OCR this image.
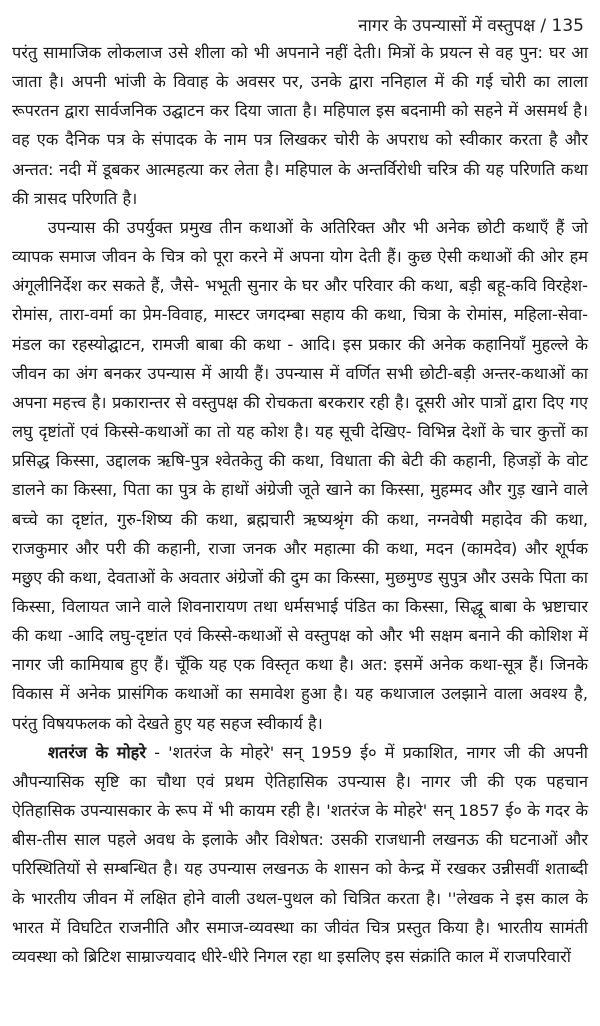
नागर के उपन्यासों में वस्तुपक्ष / 135

परंतु सामाजिक लोकलाज उसे शीला को भी अपनाने नहीं देती। मित्रों के प्रयत्न से वह पुन: घर आ जाता है। अपनी भांजी के विवाह के अवसर पर, उनके द्वारा ननिहाल में की गई चोरी का लाला रूपरतन द्वारा सार्वजनिक उद्घाटन कर दिया जाता है। महिपाल इस बदनामी को सहने में असमर्थ है। वह एक दैनिक पत्र के संपादक के नाम पत्र लिखकर चोरी के अपराध को स्वीकार करता है और अन्तत: नदी में डूबकर आत्महत्या कर लेता है। महिपाल के अन्तर्विरोधी चरित्र की यह परिणति कथा की त्रासद परिणति है।

उपन्यास की उपर्युक्त प्रमुख तीन कथाओं के अतिरिक्त और भी अनेक छोटी कथाएँ हैं जो व्यापक समाज जीवन के चित्र को पूरा करने में अपना योग देती हैं। कुछ ऐसी कथाओं की ओर हम अंगूलीनिर्देश कर सकते हैं, जैसे- भभूती सुनार के घर और परिवार की कथा, बड़ी बहू-कवि विरहेश-रोमांस, तारा-वर्मा का प्रेम-विवाह, मास्टर जगदम्बा सहाय की कथा, चित्रा के रोमांस, महिला-सेवा-मंडल का रहस्योद्घाटन, रामजी बाबा की कथा - आदि। इस प्रकार की अनेक कहानियाँ मुहल्ले के जीवन का अंग बनकर उपन्यास में आयी हैं। उपन्यास में वर्णित सभी छोटी-बड़ी अन्तर-कथाओं का अपना महत्त्व है। प्रकारान्तर से वस्तुपक्ष की रोचकता बरकरार रही है। दूसरी ओर पात्रों द्वारा दिए गए लघु दृष्टांतों एवं किस्से-कथाओं का तो यह कोश है। यह सूची देखिए- विभिन्न देशों के चार कुत्तों का प्रसिद्ध किस्सा, उद्दालक ऋषि-पुत्र श्वेतकेतु की कथा, विधाता की बेटी की कहानी, हिजड़ों के वोट डालने का किस्सा, पिता का पुत्र के हाथों अंग्रेजी जूते खाने का किस्सा, मुहम्मद और गुड़ खाने वाले बच्चे का दृष्टांत, गुरु-शिष्य की कथा, ब्रह्मचारी ऋष्यश्रृंग की कथा, नग्नवेषी महादेव की कथा, राजकुमार और परी की कहानी, राजा जनक और महात्मा की कथा, मदन (कामदेव) और शूर्पक मछुए की कथा, देवताओं के अवतार अंग्रेजों की दुम का किस्सा, मुछमुण्ड सुपुत्र और उसके पिता का किस्सा, विलायत जाने वाले शिवनारायण तथा धर्मसभाई पंडित का किस्सा, सिद्धू बाबा के भ्रष्टाचार की कथा -आदि लघु-दृष्टांत एवं किस्से-कथाओं से वस्तुपक्ष को और भी सक्षम बनाने की कोशिश में नागर जी कामियाब हुए हैं। चूँकि यह एक विस्तृत कथा है। अत: इसमें अनेक कथा-सूत्र हैं। जिनके विकास में अनेक प्रासंगिक कथाओं का समावेश हुआ है। यह कथाजाल उलझाने वाला अवश्य है, परंतु विषयफलक को देखते हुए यह सहज स्वीकार्य है।

शतरंज के मोहरे - 'शतरंज के मोहरे' सन् 1959 ई० में प्रकाशित, नागर जी की अपनी औपन्यासिक सृष्टि का चौथा एवं प्रथम ऐतिहासिक उपन्यास है। नागर जी की एक पहचान ऐतिहासिक उपन्यासकार के रूप में भी कायम रही है। 'शतरंज के मोहरे' सन् 1857 ई० के गदर के बीस-तीस साल पहले अवध के इलाके और विशेषत: उसकी राजधानी लखनऊ की घटनाओं और परिस्थितियों से सम्बन्धित है। यह उपन्यास लखनऊ के शासन को केन्द्र में रखकर उन्नीसवीं शताब्दी के भारतीय जीवन में लक्षित होने वाली उथल-पुथल को चित्रित करता है। ''लेखक ने इस काल के भारत में विघटित राजनीति और समाज-व्यवस्था का जीवंत चित्र प्रस्तुत किया है। भारतीय सामंती व्यवस्था को ब्रिटिश साम्राज्यवाद धीरे-धीरे निगल रहा था इसलिए इस संक्रांति काल में राजपरिवारों
